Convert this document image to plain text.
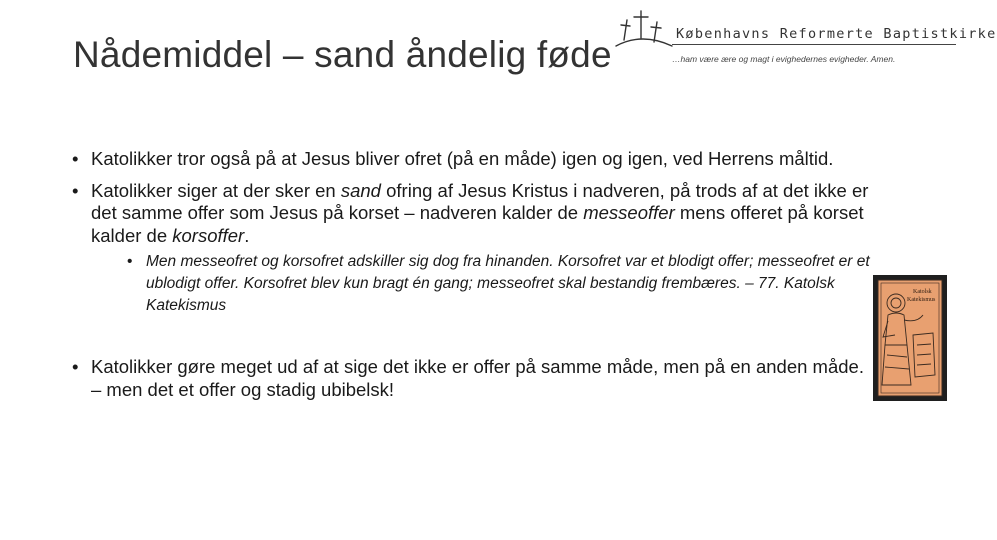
Nådemiddel – sand åndelig føde	Københavns Reformerte Baptistkirke
…ham være ære og magt i evighedernes evigheder. Amen.
• Katolikker tror også på at Jesus bliver ofret (på en måde) igen og igen, ved Herrens måltid.
• Katolikker siger at der sker en sand ofring af Jesus Kristus i nadveren, på trods af at det ikke er det samme offer som Jesus på korset – nadveren kalder de messeoffer mens offeret på korset kalder de korsoffer.
• Men messeofret og korsofret adskiller sig dog fra hinanden. Korsofret var et blodigt offer; messeofret er et ublodigt offer. Korsofret blev kun bragt én gang; messeofret skal bestandig frembæres. – 77. Katolsk Katekismus
• Katolikker gøre meget ud af at sige det ikke er offer på samme måde, men på en anden måde. – men det et offer og stadig ubibelsk!
Katolsk
Katekismus
